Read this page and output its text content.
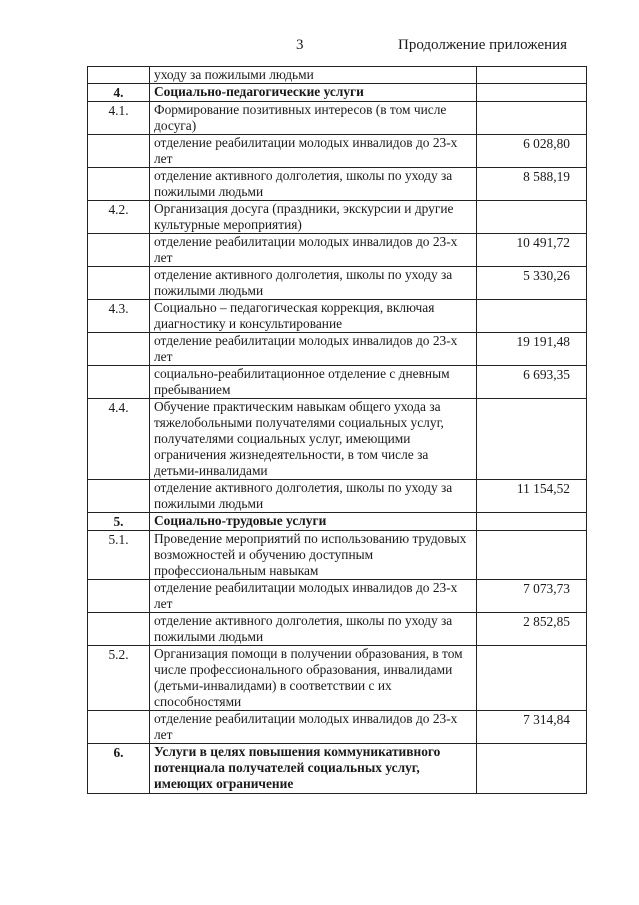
3	Продолжение приложения
	уходу за пожилыми людьми	
4.	Социально-педагогические услуги	
4.1.	Формирование позитивных интересов (в том числе досуга)	
	отделение реабилитации молодых инвалидов до 23-х лет	6 028,80
	отделение активного долголетия, школы по уходу за пожилыми людьми	8 588,19
4.2.	Организация досуга (праздники, экскурсии и другие культурные мероприятия)	
	отделение реабилитации молодых инвалидов до 23-х лет	10 491,72
	отделение активного долголетия, школы по уходу за пожилыми людьми	5 330,26
4.3.	Социально – педагогическая коррекция, включая диагностику и консультирование	
	отделение реабилитации молодых инвалидов до 23-х лет	19 191,48
	социально-реабилитационное отделение с дневным пребыванием	6 693,35
4.4.	Обучение практическим навыкам общего ухода за тяжелобольными получателями социальных услуг, получателями социальных услуг, имеющими ограничения жизнедеятельности, в том числе за детьми-инвалидами	
	отделение активного долголетия, школы по уходу за пожилыми людьми	11 154,52
5.	Социально-трудовые услуги	
5.1.	Проведение мероприятий по использованию трудовых возможностей и обучению доступным профессиональным навыкам	
	отделение реабилитации молодых инвалидов до 23-х лет	7 073,73
	отделение активного долголетия, школы по уходу за пожилыми людьми	2 852,85
5.2.	Организация помощи в получении образования, в том числе профессионального образования, инвалидами (детьми-инвалидами) в соответствии с их способностями	
	отделение реабилитации молодых инвалидов до 23-х лет	7 314,84
6.	Услуги в целях повышения коммуникативного потенциала получателей социальных услуг, имеющих ограничение	
